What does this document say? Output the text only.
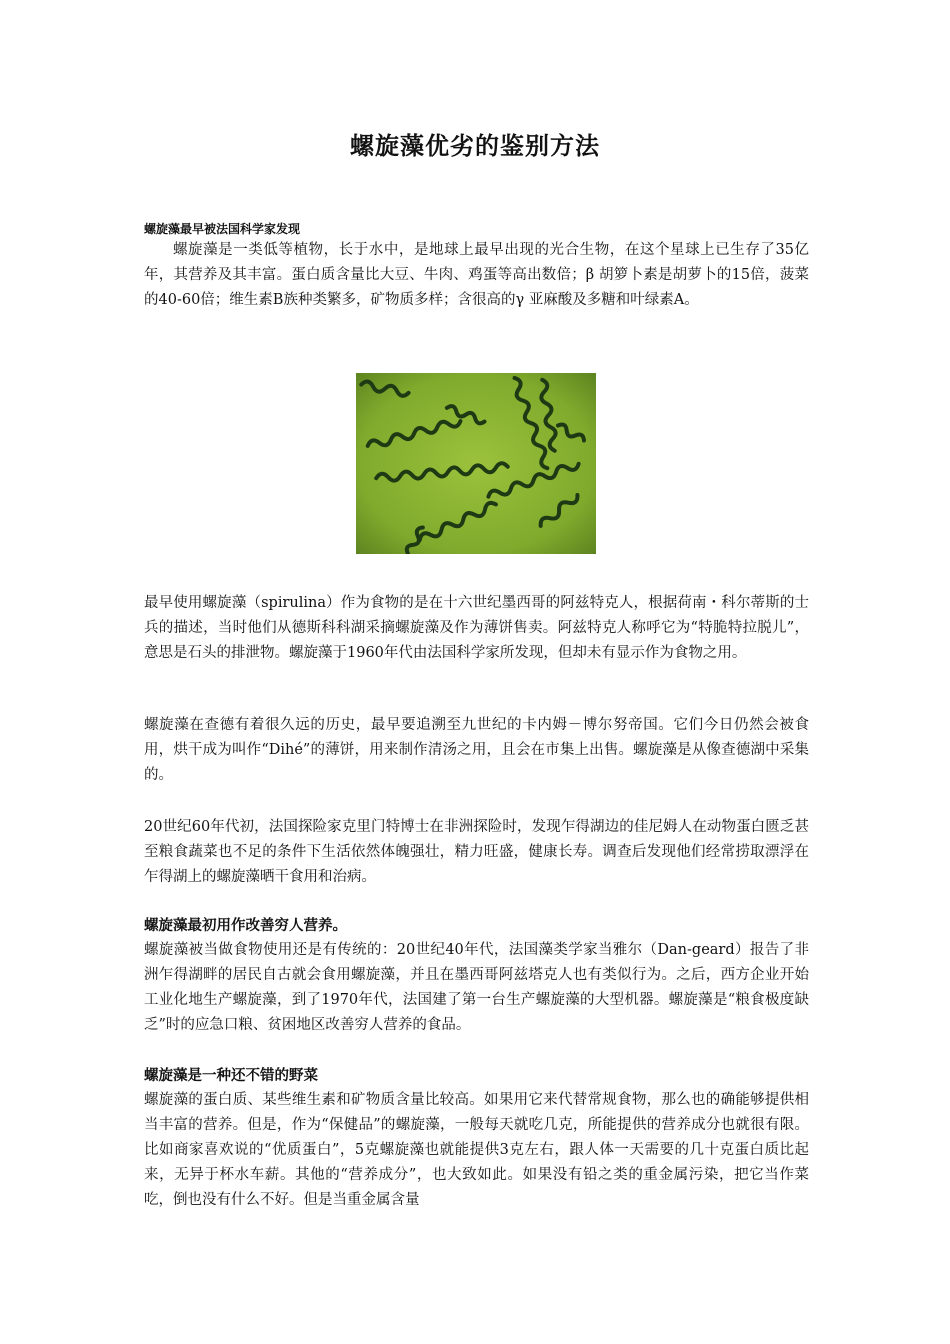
螺旋藻优劣的鉴别方法
螺旋藻最早被法国科学家发现

螺旋藻是一类低等植物，长于水中，是地球上最早出现的光合生物，在这个星球上已生存了35亿年，其营养及其丰富。蛋白质含量比大豆、牛肉、鸡蛋等高出数倍；β 胡箩卜素是胡萝卜的15倍，菠菜的40-60倍；维生素B族种类繁多，矿物质多样；含很高的γ 亚麻酸及多糖和叶绿素A。

最早使用螺旋藻（spirulina）作为食物的是在十六世纪墨西哥的阿兹特克人，根据荷南・科尔蒂斯的士兵的描述，当时他们从德斯科科湖采摘螺旋藻及作为薄饼售卖。阿兹特克人称呼它为“特脆特拉脱儿”，意思是石头的排泄物。螺旋藻于1960年代由法国科学家所发现，但却未有显示作为食物之用。

螺旋藻在查德有着很久远的历史，最早要追溯至九世纪的卡内姆－博尔努帝国。它们今日仍然会被食用，烘干成为叫作“Dihé”的薄饼，用来制作清汤之用，且会在市集上出售。螺旋藻是从像查德湖中采集的。

20世纪60年代初，法国探险家克里门特博士在非洲探险时，发现乍得湖边的佳尼姆人在动物蛋白匮乏甚至粮食蔬菜也不足的条件下生活依然体魄强壮，精力旺盛，健康长寿。调查后发现他们经常捞取漂浮在乍得湖上的螺旋藻晒干食用和治病。

螺旋藻最初用作改善穷人营养。
螺旋藻被当做食物使用还是有传统的：20世纪40年代，法国藻类学家当雅尔（Dan-geard）报告了非洲乍得湖畔的居民自古就会食用螺旋藻，并且在墨西哥阿兹塔克人也有类似行为。之后，西方企业开始工业化地生产螺旋藻，到了1970年代，法国建了第一台生产螺旋藻的大型机器。螺旋藻是“粮食极度缺乏”时的应急口粮、贫困地区改善穷人营养的食品。
螺旋藻是一种还不错的野菜
螺旋藻的蛋白质、某些维生素和矿物质含量比较高。如果用它来代替常规食物，那么也的确能够提供相当丰富的营养。但是，作为“保健品”的螺旋藻，一般每天就吃几克，所能提供的营养成分也就很有限。比如商家喜欢说的“优质蛋白”，5克螺旋藻也就能提供3克左右，跟人体一天需要的几十克蛋白质比起来，无异于杯水车薪。其他的“营养成分”，也大致如此。如果没有铅之类的重金属污染，把它当作菜吃，倒也没有什么不好。但是当重金属含量
